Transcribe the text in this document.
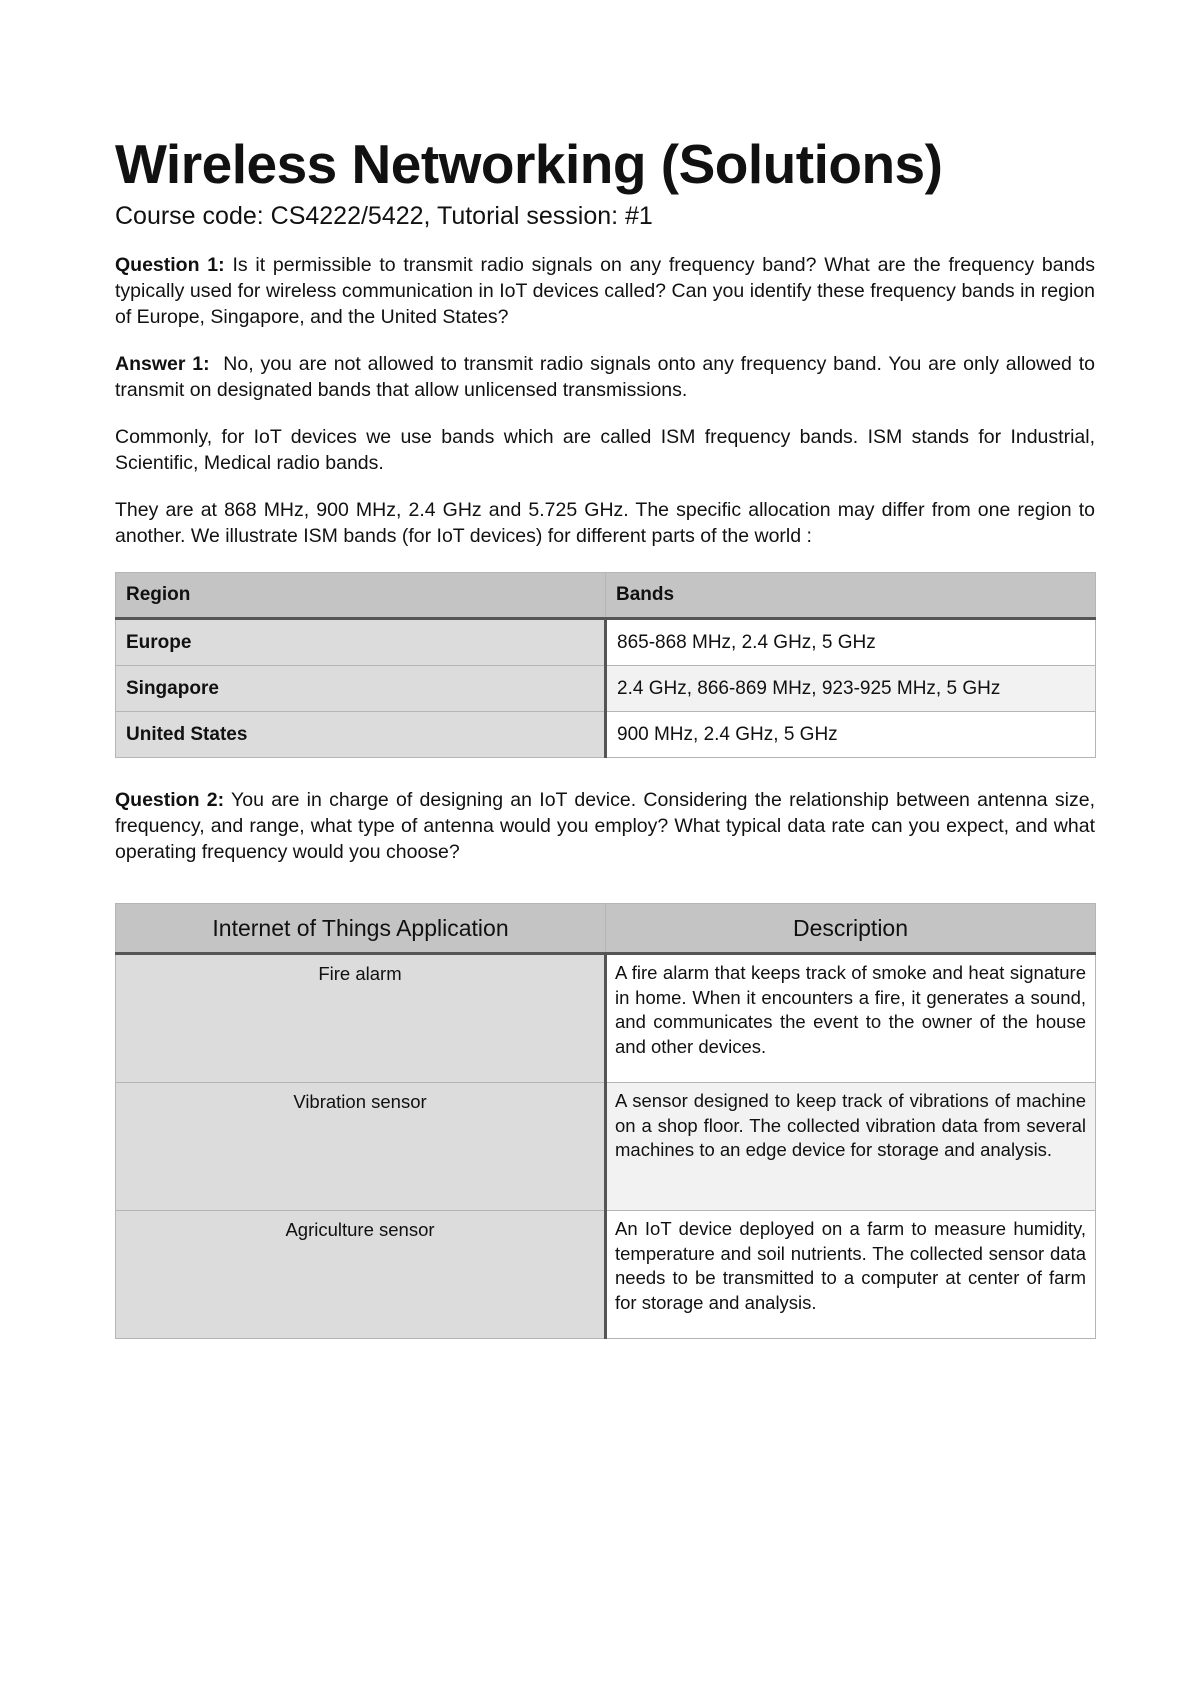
Wireless Networking (Solutions)

Course code: CS4222/5422, Tutorial session: #1

Question 1: Is it permissible to transmit radio signals on any frequency band? What are the frequency bands typically used for wireless communication in IoT devices called? Can you identify these frequency bands in region of Europe, Singapore, and the United States?

Answer 1: No, you are not allowed to transmit radio signals onto any frequency band. You are only allowed to transmit on designated bands that allow unlicensed transmissions.

Commonly, for IoT devices we use bands which are called ISM frequency bands. ISM stands for Industrial, Scientific, Medical radio bands.

They are at 868 MHz, 900 MHz, 2.4 GHz and 5.725 GHz. The specific allocation may differ from one region to another. We illustrate ISM bands (for IoT devices) for different parts of the world :

Region	Bands
Europe	865-868 MHz, 2.4 GHz, 5 GHz
Singapore	2.4 GHz, 866-869 MHz, 923-925 MHz, 5 GHz
United States	900 MHz, 2.4 GHz, 5 GHz

Question 2: You are in charge of designing an IoT device. Considering the relationship between antenna size, frequency, and range, what type of antenna would you employ? What typical data rate can you expect, and what operating frequency would you choose?

Internet of Things Application	Description
Fire alarm	A fire alarm that keeps track of smoke and heat signature in home. When it encounters a fire, it generates a sound, and communicates the event to the owner of the house and other devices.
Vibration sensor	A sensor designed to keep track of vibrations of machine on a shop floor. The collected vibration data from several machines to an edge device for storage and analysis.
Agriculture sensor	An IoT device deployed on a farm to measure humidity, temperature and soil nutrients. The collected sensor data needs to be transmitted to a computer at center of farm for storage and analysis.
